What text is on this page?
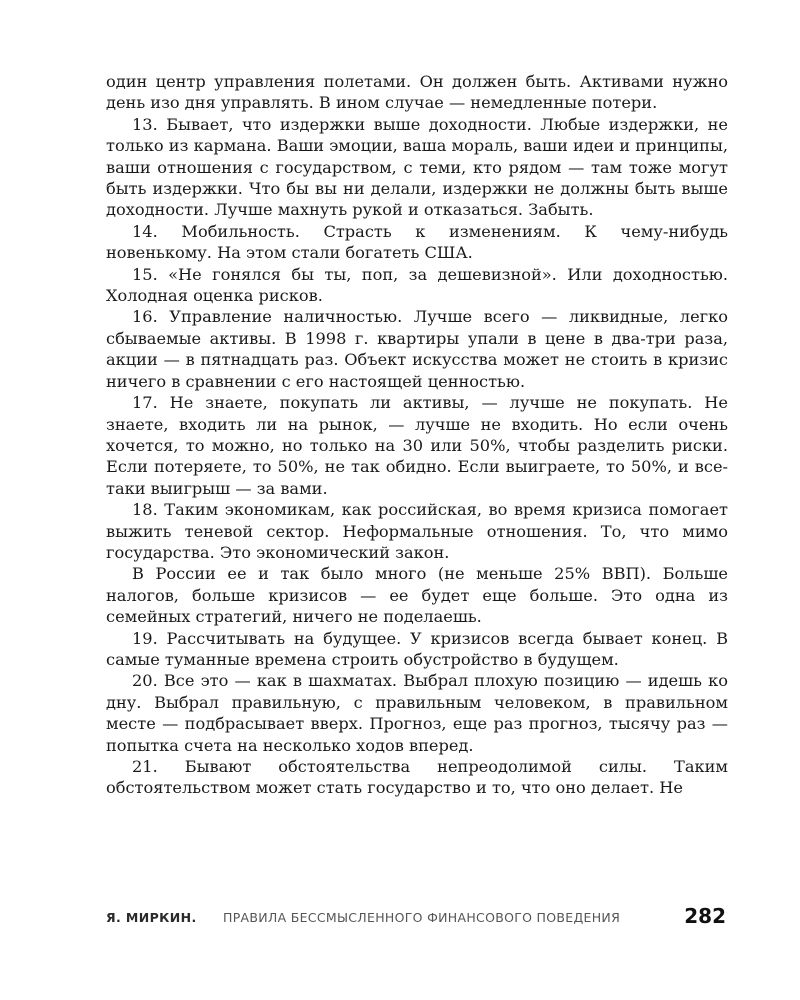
один центр управления полетами. Он должен быть. Активами нужно день изо дня управлять. В ином случае — немедленные потери.

13. Бывает, что издержки выше доходности. Любые издержки, не только из кармана. Ваши эмоции, ваша мораль, ваши идеи и принципы, ваши отношения с государством, с теми, кто рядом — там тоже могут быть издержки. Что бы вы ни делали, издержки не должны быть выше доходности. Лучше махнуть рукой и отказаться. Забыть.

14. Мобильность. Страсть к изменениям. К чему-нибудь новенькому. На этом стали богатеть США.

15. «Не гонялся бы ты, поп, за дешевизной». Или доходностью. Холодная оценка рисков.

16. Управление наличностью. Лучше всего — ликвидные, легко сбываемые активы. В 1998 г. квартиры упали в цене в два-три раза, акции — в пятнадцать раз. Объект искусства может не стоить в кризис ничего в сравнении с его настоящей ценностью.

17. Не знаете, покупать ли активы, — лучше не покупать. Не знаете, входить ли на рынок, — лучше не входить. Но если очень хочется, то можно, но только на 30 или 50%, чтобы разделить риски. Если потеряете, то 50%, не так обидно. Если выиграете, то 50%, и все-таки выигрыш — за вами.

18. Таким экономикам, как российская, во время кризиса помогает выжить теневой сектор. Неформальные отношения. То, что мимо государства. Это экономический закон.

В России ее и так было много (не меньше 25% ВВП). Больше налогов, больше кризисов — ее будет еще больше. Это одна из семейных стратегий, ничего не поделаешь.

19. Рассчитывать на будущее. У кризисов всегда бывает конец. В самые туманные времена строить обустройство в будущем.

20. Все это — как в шахматах. Выбрал плохую позицию — идешь ко дну. Выбрал правильную, с правильным человеком, в правильном месте — подбрасывает вверх. Прогноз, еще раз прогноз, тысячу раз — попытка счета на несколько ходов вперед.

21. Бывают обстоятельства непреодолимой силы. Таким обстоятельством может стать государство и то, что оно делает. Не

Я. МИРКИН. ПРАВИЛА БЕССМЫСЛЕННОГО ФИНАНСОВОГО ПОВЕДЕНИЯ	282
